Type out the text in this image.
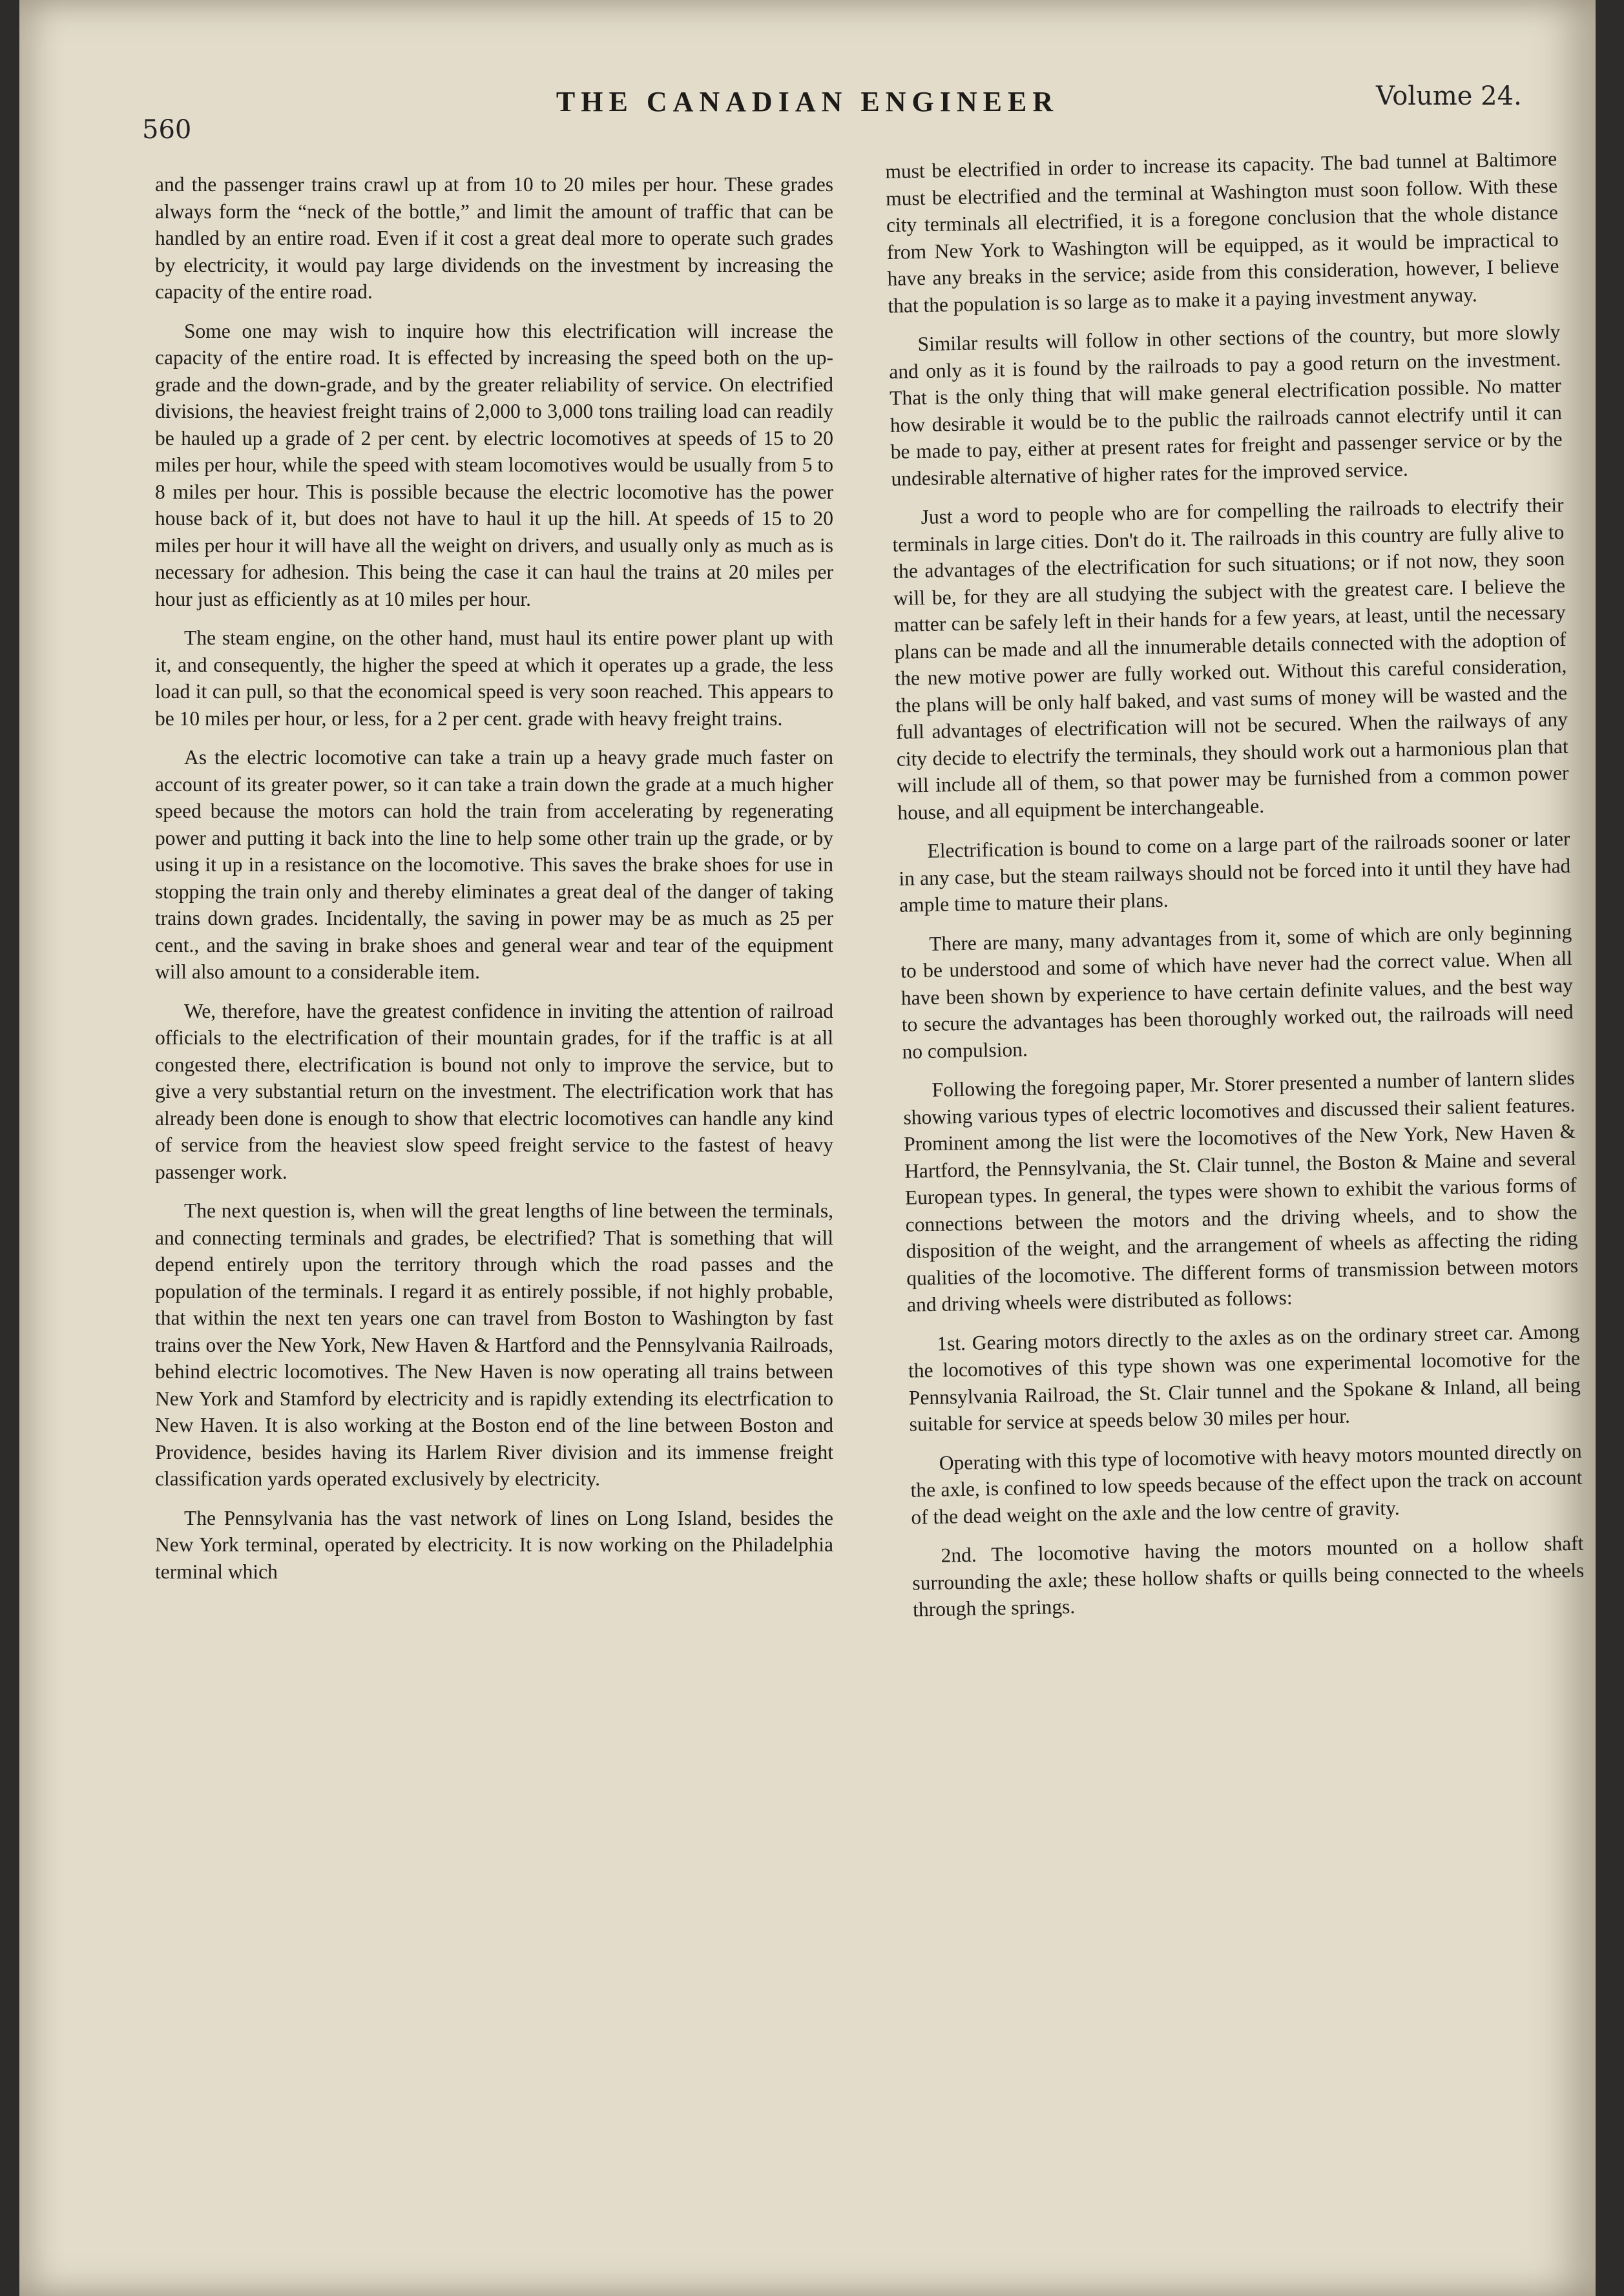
560
THE CANADIAN ENGINEER	Volume 24.

and the passenger trains crawl up at from 10 to 20 miles per hour. These grades always form the “neck of the bottle,” and limit the amount of traffic that can be handled by an entire road. Even if it cost a great deal more to operate such grades by electricity, it would pay large dividends on the investment by increasing the capacity of the entire road.

Some one may wish to inquire how this electrification will increase the capacity of the entire road. It is effected by increasing the speed both on the up-grade and the down-grade, and by the greater reliability of service. On electrified divisions, the heaviest freight trains of 2,000 to 3,000 tons trailing load can readily be hauled up a grade of 2 per cent. by electric locomotives at speeds of 15 to 20 miles per hour, while the speed with steam locomotives would be usually from 5 to 8 miles per hour. This is possible because the electric locomotive has the power house back of it, but does not have to haul it up the hill. At speeds of 15 to 20 miles per hour it will have all the weight on drivers, and usually only as much as is necessary for adhesion. This being the case it can haul the trains at 20 miles per hour just as efficiently as at 10 miles per hour.

The steam engine, on the other hand, must haul its entire power plant up with it, and consequently, the higher the speed at which it operates up a grade, the less load it can pull, so that the economical speed is very soon reached. This appears to be 10 miles per hour, or less, for a 2 per cent. grade with heavy freight trains.

As the electric locomotive can take a train up a heavy grade much faster on account of its greater power, so it can take a train down the grade at a much higher speed because the motors can hold the train from accelerating by regenerating power and putting it back into the line to help some other train up the grade, or by using it up in a resistance on the locomotive. This saves the brake shoes for use in stopping the train only and thereby eliminates a great deal of the danger of taking trains down grades. Incidentally, the saving in power may be as much as 25 per cent., and the saving in brake shoes and general wear and tear of the equipment will also amount to a considerable item.

We, therefore, have the greatest confidence in inviting the attention of railroad officials to the electrification of their mountain grades, for if the traffic is at all congested there, electrification is bound not only to improve the service, but to give a very substantial return on the investment. The electrification work that has already been done is enough to show that electric locomotives can handle any kind of service from the heaviest slow speed freight service to the fastest of heavy passenger work.

The next question is, when will the great lengths of line between the terminals, and connecting terminals and grades, be electrified? That is something that will depend entirely upon the territory through which the road passes and the population of the terminals. I regard it as entirely possible, if not highly probable, that within the next ten years one can travel from Boston to Washington by fast trains over the New York, New Haven & Hartford and the Pennsylvania Railroads, behind electric locomotives. The New Haven is now operating all trains between New York and Stamford by electricity and is rapidly extending its electrfication to New Haven. It is also working at the Boston end of the line between Boston and Providence, besides having its Harlem River division and its immense freight classification yards operated exclusively by electricity.

The Pennsylvania has the vast network of lines on Long Island, besides the New York terminal, operated by electricity. It is now working on the Philadelphia terminal which

must be electrified in order to increase its capacity. The bad tunnel at Baltimore must be electrified and the terminal at Washington must soon follow. With these city terminals all electrified, it is a foregone conclusion that the whole distance from New York to Washington will be equipped, as it would be impractical to have any breaks in the service; aside from this consideration, however, I believe that the population is so large as to make it a paying investment anyway.

Similar results will follow in other sections of the country, but more slowly and only as it is found by the railroads to pay a good return on the investment. That is the only thing that will make general electrification possible. No matter how desirable it would be to the public the railroads cannot electrify until it can be made to pay, either at present rates for freight and passenger service or by the undesirable alternative of higher rates for the improved service.

Just a word to people who are for compelling the railroads to electrify their terminals in large cities. Don't do it. The railroads in this country are fully alive to the advantages of the electrification for such situations; or if not now, they soon will be, for they are all studying the subject with the greatest care. I believe the matter can be safely left in their hands for a few years, at least, until the necessary plans can be made and all the innumerable details connected with the adoption of the new motive power are fully worked out. Without this careful consideration, the plans will be only half baked, and vast sums of money will be wasted and the full advantages of electrification will not be secured. When the railways of any city decide to electrify the terminals, they should work out a harmonious plan that will include all of them, so that power may be furnished from a common power house, and all equipment be interchangeable.

Electrification is bound to come on a large part of the railroads sooner or later in any case, but the steam railways should not be forced into it until they have had ample time to mature their plans.

There are many, many advantages from it, some of which are only beginning to be understood and some of which have never had the correct value. When all have been shown by experience to have certain definite values, and the best way to secure the advantages has been thoroughly worked out, the railroads will need no compulsion.

Following the foregoing paper, Mr. Storer presented a number of lantern slides showing various types of electric locomotives and discussed their salient features. Prominent among the list were the locomotives of the New York, New Haven & Hartford, the Pennsylvania, the St. Clair tunnel, the Boston & Maine and several European types. In general, the types were shown to exhibit the various forms of connections between the motors and the driving wheels, and to show the disposition of the weight, and the arrangement of wheels as affecting the riding qualities of the locomotive. The different forms of transmission between motors and driving wheels were distributed as follows:

1st. Gearing motors directly to the axles as on the ordinary street car. Among the locomotives of this type shown was one experimental locomotive for the Pennsylvania Railroad, the St. Clair tunnel and the Spokane & Inland, all being suitable for service at speeds below 30 miles per hour.

Operating with this type of locomotive with heavy motors mounted directly on the axle, is confined to low speeds because of the effect upon the track on account of the dead weight on the axle and the low centre of gravity.

2nd. The locomotive having the motors mounted on a hollow shaft surrounding the axle; these hollow shafts or quills being connected to the wheels through the springs.
